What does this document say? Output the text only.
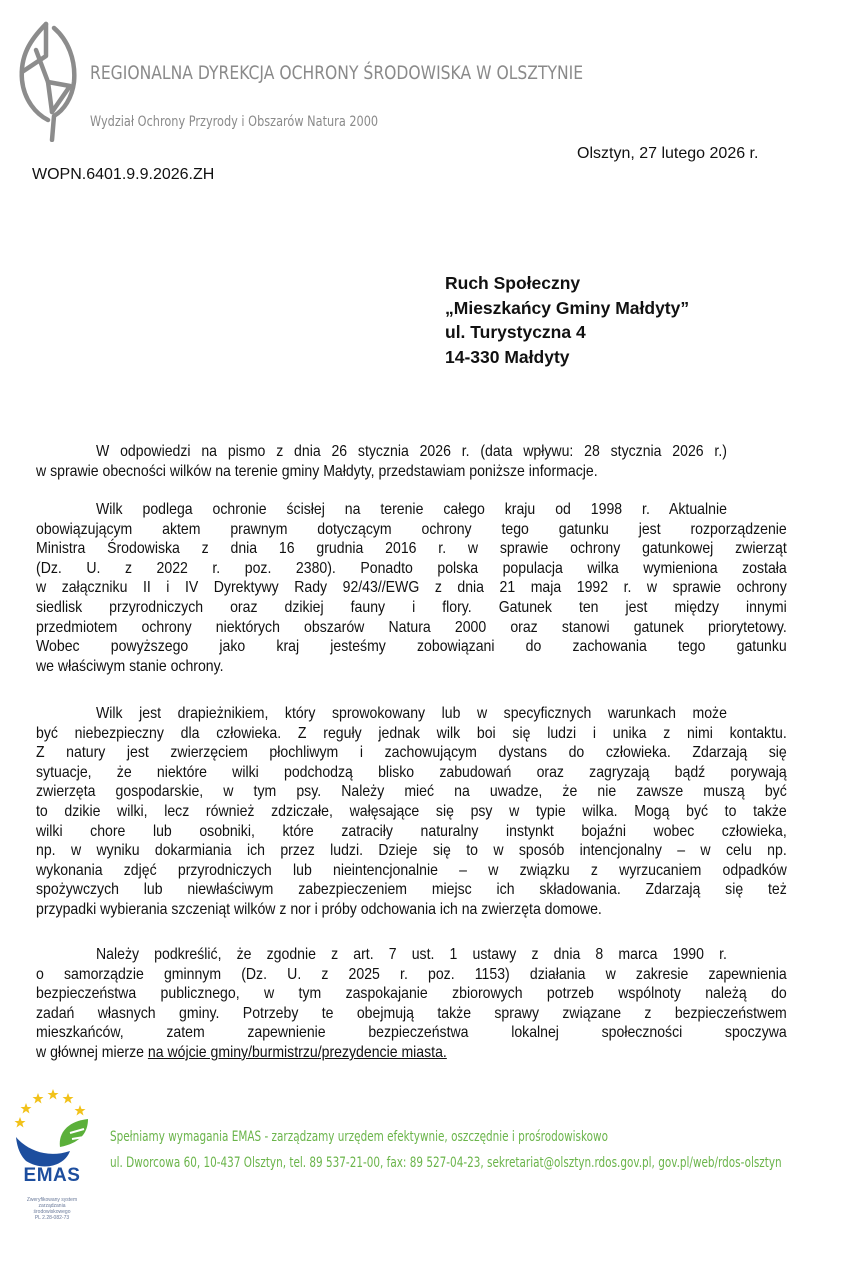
REGIONALNA DYREKCJA OCHRONY ŚRODOWISKA W OLSZTYNIE
Wydział Ochrony Przyrody i Obszarów Natura 2000
Olsztyn, 27 lutego 2026 r.
WOPN.6401.9.9.2026.ZH
Ruch Społeczny
„Mieszkańcy Gminy Małdyty”
ul. Turystyczna 4
14-330 Małdyty
W odpowiedzi na pismo z dnia 26 stycznia 2026 r. (data wpływu: 28 stycznia 2026 r.)
w sprawie obecności wilków na terenie gminy Małdyty, przedstawiam poniższe informacje.
Wilk podlega ochronie ścisłej na terenie całego kraju od 1998 r. Aktualnie
obowiązującym aktem prawnym dotyczącym ochrony tego gatunku jest rozporządzenie
Ministra Środowiska z dnia 16 grudnia 2016 r. w sprawie ochrony gatunkowej zwierząt
(Dz. U. z 2022 r. poz. 2380). Ponadto polska populacja wilka wymieniona została
w załączniku II i IV Dyrektywy Rady 92/43//EWG z dnia 21 maja 1992 r. w sprawie ochrony
siedlisk przyrodniczych oraz dzikiej fauny i flory. Gatunek ten jest między innymi
przedmiotem ochrony niektórych obszarów Natura 2000 oraz stanowi gatunek priorytetowy.
Wobec powyższego jako kraj jesteśmy zobowiązani do zachowania tego gatunku
we właściwym stanie ochrony.
Wilk jest drapieżnikiem, który sprowokowany lub w specyficznych warunkach może
być niebezpieczny dla człowieka. Z reguły jednak wilk boi się ludzi i unika z nimi kontaktu.
Z natury jest zwierzęciem płochliwym i zachowującym dystans do człowieka. Zdarzają się
sytuacje, że niektóre wilki podchodzą blisko zabudowań oraz zagryzają bądź porywają
zwierzęta gospodarskie, w tym psy. Należy mieć na uwadze, że nie zawsze muszą być
to dzikie wilki, lecz również zdziczałe, wałęsające się psy w typie wilka. Mogą być to także
wilki chore lub osobniki, które zatraciły naturalny instynkt bojaźni wobec człowieka,
np. w wyniku dokarmiania ich przez ludzi. Dzieje się to w sposób intencjonalny – w celu np.
wykonania zdjęć przyrodniczych lub nieintencjonalnie – w związku z wyrzucaniem odpadków
spożywczych lub niewłaściwym zabezpieczeniem miejsc ich składowania. Zdarzają się też
przypadki wybierania szczeniąt wilków z nor i próby odchowania ich na zwierzęta domowe.
Należy podkreślić, że zgodnie z art. 7 ust. 1 ustawy z dnia 8 marca 1990 r.
o samorządzie gminnym (Dz. U. z 2025 r. poz. 1153) działania w zakresie zapewnienia
bezpieczeństwa publicznego, w tym zaspokajanie zbiorowych potrzeb wspólnoty należą do
zadań własnych gminy. Potrzeby te obejmują także sprawy związane z bezpieczeństwem
mieszkańców, zatem zapewnienie bezpieczeństwa lokalnej społeczności spoczywa
w głównej mierze na wójcie gminy/burmistrzu/prezydencie miasta.
EMAS
Zweryfikowany system
zarządzania
środowiskowego
PL 2.28-082-73
Spełniamy wymagania EMAS - zarządzamy urzędem efektywnie, oszczędnie i prośrodowiskowo
ul. Dworcowa 60, 10-437 Olsztyn, tel. 89 537-21-00, fax: 89 527-04-23, sekretariat@olsztyn.rdos.gov.pl, gov.pl/web/rdos-olsztyn
